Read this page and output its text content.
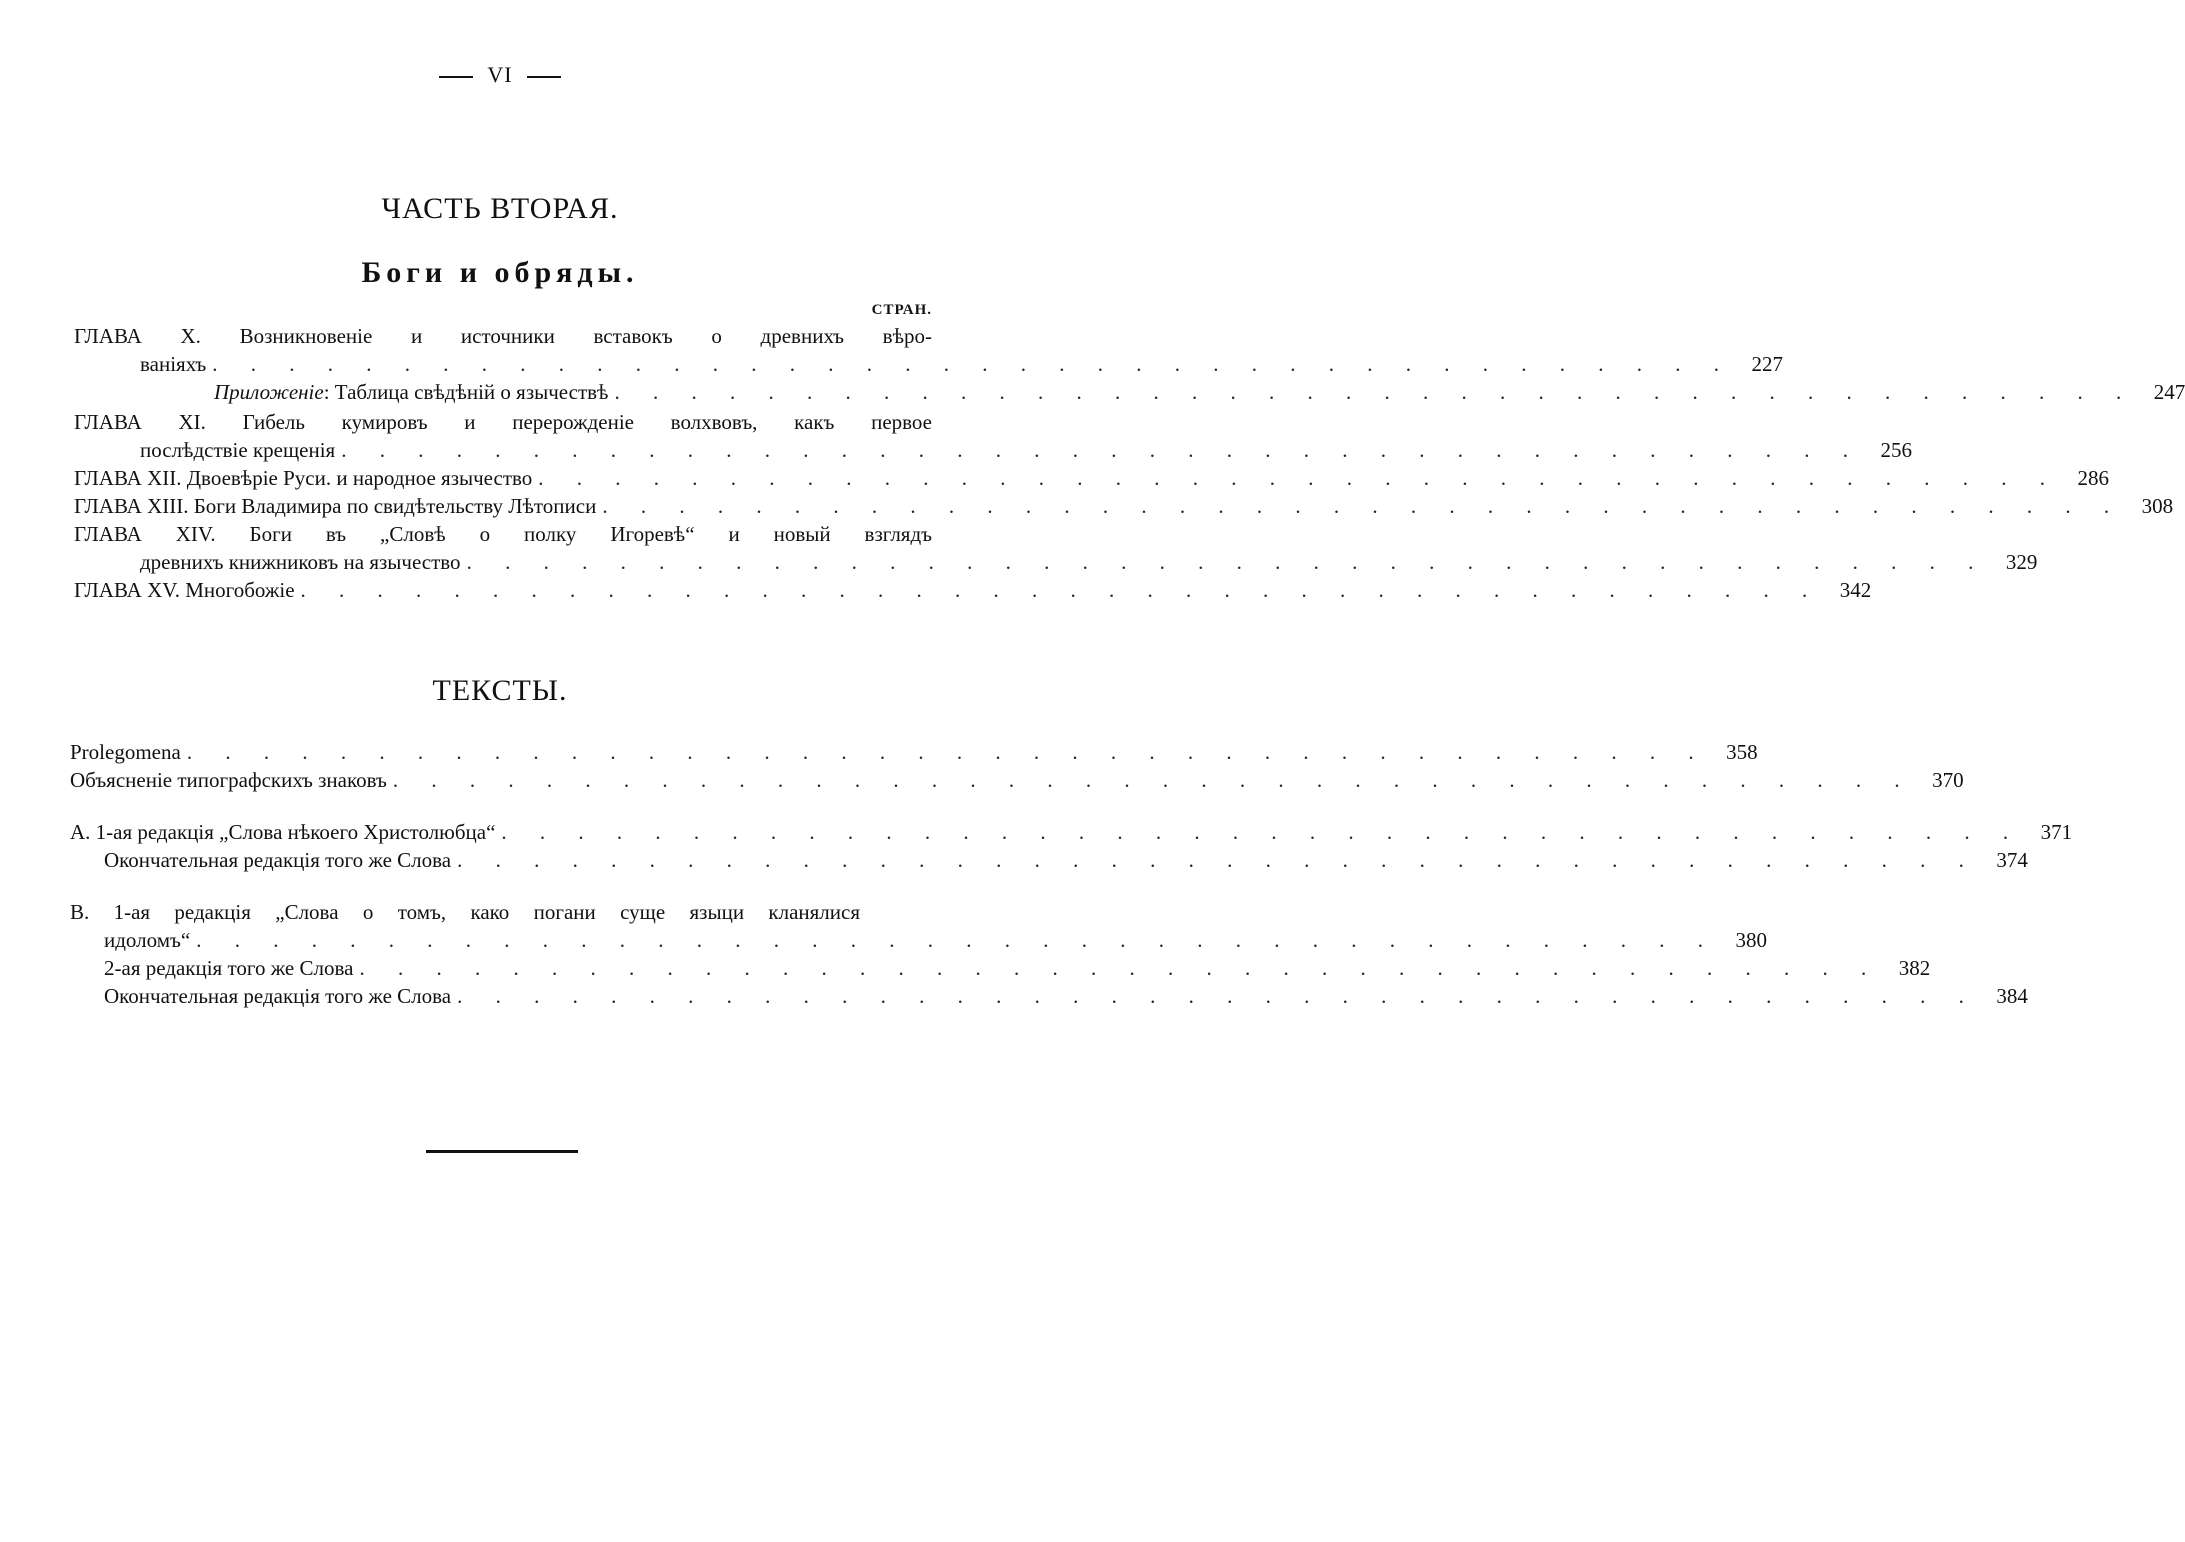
VI
ЧАСТЬ ВТОРАЯ.
Боги и обряды.
СТРАН.
ГЛАВА X. Возникновеніе и источники вставокъ о древнихъ вѣро-
ваніяхъ . . . . . . . . . . . . . . . . . . . . . . . . . . . . . . . . . . . . . . . . 227
Приложеніе: Таблица свѣдѣній о язычествѣ . . . . . . . . . . . . . . . . . . . . . . . . . . . . . . . . . . . . . . . . 247
ГЛАВА XI. Гибель кумировъ и перерожденіе волхвовъ, какъ первое
послѣдствіе крещенія . . . . . . . . . . . . . . . . . . . . . . . . . . . . . . . . . . . . . . . . 256
ГЛАВА XII. Двоевѣріе Руси. и народное язычество . . . . . . . . . . . . . . . . . . . . . . . . . . . . . . . . . . . . . . . . 286
ГЛАВА XIII. Боги Владимира по свидѣтельству Лѣтописи . . . . . . . . . . . . . . . . . . . . . . . . . . . . . . . . . . . . . . . . 308
ГЛАВА XIV. Боги въ „Словѣ о полку Игоревѣ“ и новый взглядъ
древнихъ книжниковъ на язычество . . . . . . . . . . . . . . . . . . . . . . . . . . . . . . . . . . . . . . . . 329
ГЛАВА XV. Многобожіе . . . . . . . . . . . . . . . . . . . . . . . . . . . . . . . . . . . . . . . . 342
ТЕКСТЫ.
Prolegomena . . . . . . . . . . . . . . . . . . . . . . . . . . . . . . . . . . . . . . . . 358
Объясненіе типографскихъ знаковъ . . . . . . . . . . . . . . . . . . . . . . . . . . . . . . . . . . . . . . . . 370
А. 1-ая редакція „Слова нѣкоего Христолюбца“ . . . . . . . . . . . . . . . . . . . . . . . . . . . . . . . . . . . . . . . . 371
Окончательная редакція того же Слова . . . . . . . . . . . . . . . . . . . . . . . . . . . . . . . . . . . . . . . . 374
В. 1-ая редакція „Слова о томъ, како погани суще языци кланялися
идоломъ“ . . . . . . . . . . . . . . . . . . . . . . . . . . . . . . . . . . . . . . . . 380
2-ая редакція того же Слова . . . . . . . . . . . . . . . . . . . . . . . . . . . . . . . . . . . . . . . . 382
Окончательная редакція того же Слова . . . . . . . . . . . . . . . . . . . . . . . . . . . . . . . . . . . . . . . . 384
